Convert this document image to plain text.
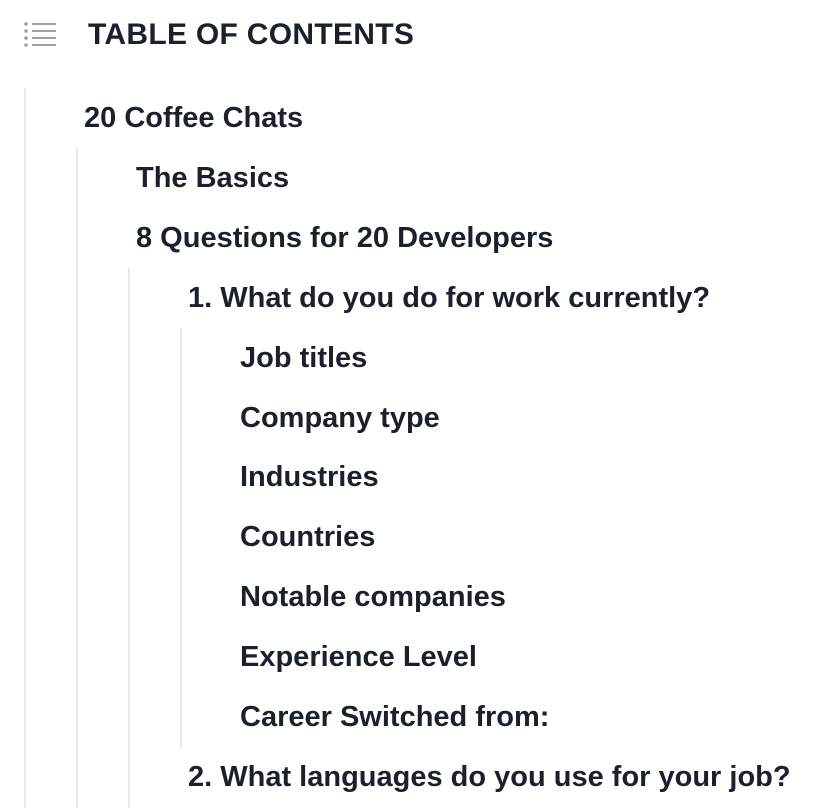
TABLE OF CONTENTS
20 Coffee Chats
The Basics
8 Questions for 20 Developers
1. What do you do for work currently?
Job titles
Company type
Industries
Countries
Notable companies
Experience Level
Career Switched from:
2. What languages do you use for your job?
